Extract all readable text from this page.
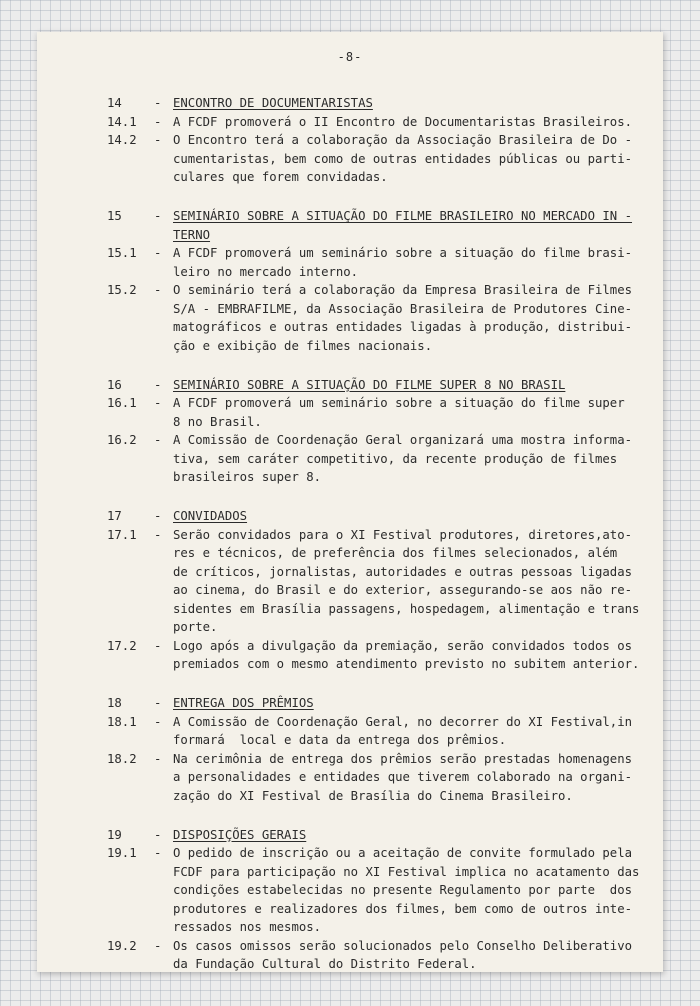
-8-
14	- ENCONTRO DE DOCUMENTARISTAS
14.1 - A FCDF promoverá o II Encontro de Documentaristas Brasileiros.
14.2 - O Encontro terá a colaboração da Associação Brasileira de Do -
cumentaristas, bem como de outras entidades públicas ou parti-
culares que forem convidadas.
15	- SEMINÁRIO SOBRE A SITUAÇÃO DO FILME BRASILEIRO NO MERCADO IN -
TERNO
15.1 - A FCDF promoverá um seminário sobre a situação do filme brasi-
leiro no mercado interno.
15.2 - O seminário terá a colaboração da Empresa Brasileira de Filmes
S/A - EMBRAFILME, da Associação Brasileira de Produtores Cine-
matográficos e outras entidades ligadas à produção, distribui-
ção e exibição de filmes nacionais.
16	- SEMINÁRIO SOBRE A SITUAÇÃO DO FILME SUPER 8 NO BRASIL
16.1 - A FCDF promoverá um seminário sobre a situação do filme super
8 no Brasil.
16.2 - A Comissão de Coordenação Geral organizará uma mostra informa-
tiva, sem caráter competitivo, da recente produção de filmes
brasileiros super 8.
17	- CONVIDADOS
17.1 - Serão convidados para o XI Festival produtores, diretores,ato-
res e técnicos, de preferência dos filmes selecionados, além
de críticos, jornalistas, autoridades e outras pessoas ligadas
ao cinema, do Brasil e do exterior, assegurando-se aos não re-
sidentes em Brasília passagens, hospedagem, alimentação e trans
porte.
17.2 - Logo após a divulgação da premiação, serão convidados todos os
premiados com o mesmo atendimento previsto no subitem anterior.
18	- ENTREGA DOS PRÊMIOS
18.1 - A Comissão de Coordenação Geral, no decorrer do XI Festival,in
formará  local e data da entrega dos prêmios.
18.2 - Na cerimônia de entrega dos prêmios serão prestadas homenagens
a personalidades e entidades que tiverem colaborado na organi-
zação do XI Festival de Brasília do Cinema Brasileiro.
19	- DISPOSIÇÕES GERAIS
19.1 - O pedido de inscrição ou a aceitação de convite formulado pela
FCDF para participação no XI Festival implica no acatamento das
condições estabelecidas no presente Regulamento por parte  dos
produtores e realizadores dos filmes, bem como de outros inte-
ressados nos mesmos.
19.2 - Os casos omissos serão solucionados pelo Conselho Deliberativo
da Fundação Cultural do Distrito Federal.
